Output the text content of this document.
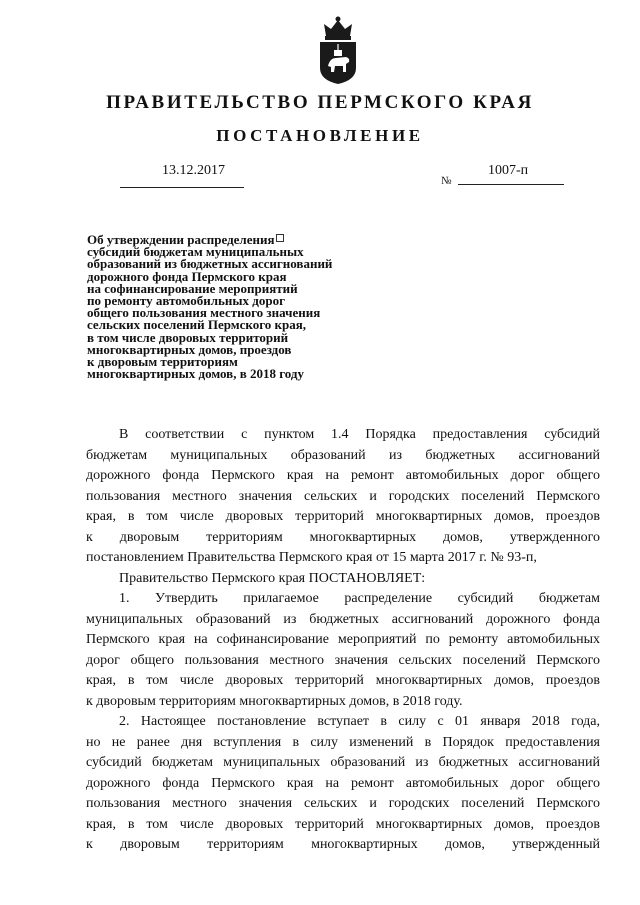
ПРАВИТЕЛЬСТВО ПЕРМСКОГО КРАЯ
ПОСТАНОВЛЕНИЕ
13.12.2017
№
1007-п
Об утверждении распределения
субсидий бюджетам муниципальных
образований из бюджетных ассигнований
дорожного фонда Пермского края
на софинансирование мероприятий
по ремонту автомобильных дорог
общего пользования местного значения
сельских поселений Пермского края,
в том числе дворовых территорий
многоквартирных домов, проездов
к дворовым территориям
многоквартирных домов, в 2018 году
В соответствии с пунктом 1.4 Порядка предоставления субсидий
бюджетам муниципальных образований из бюджетных ассигнований
дорожного фонда Пермского края на ремонт автомобильных дорог общего
пользования местного значения сельских и городских поселений Пермского
края, в том числе дворовых территорий многоквартирных домов, проездов
к дворовым территориям многоквартирных домов, утвержденного
постановлением Правительства Пермского края от 15 марта 2017 г. № 93-п,
Правительство Пермского края ПОСТАНОВЛЯЕТ:
1. Утвердить прилагаемое распределение субсидий бюджетам
муниципальных образований из бюджетных ассигнований дорожного фонда
Пермского края на софинансирование мероприятий по ремонту автомобильных
дорог общего пользования местного значения сельских поселений Пермского
края, в том числе дворовых территорий многоквартирных домов, проездов
к дворовым территориям многоквартирных домов, в 2018 году.
2. Настоящее постановление вступает в силу с 01 января 2018 года,
но не ранее дня вступления в силу изменений в Порядок предоставления
субсидий бюджетам муниципальных образований из бюджетных ассигнований
дорожного фонда Пермского края на ремонт автомобильных дорог общего
пользования местного значения сельских и городских поселений Пермского
края, в том числе дворовых территорий многоквартирных домов, проездов
к дворовым территориям многоквартирных домов, утвержденный
